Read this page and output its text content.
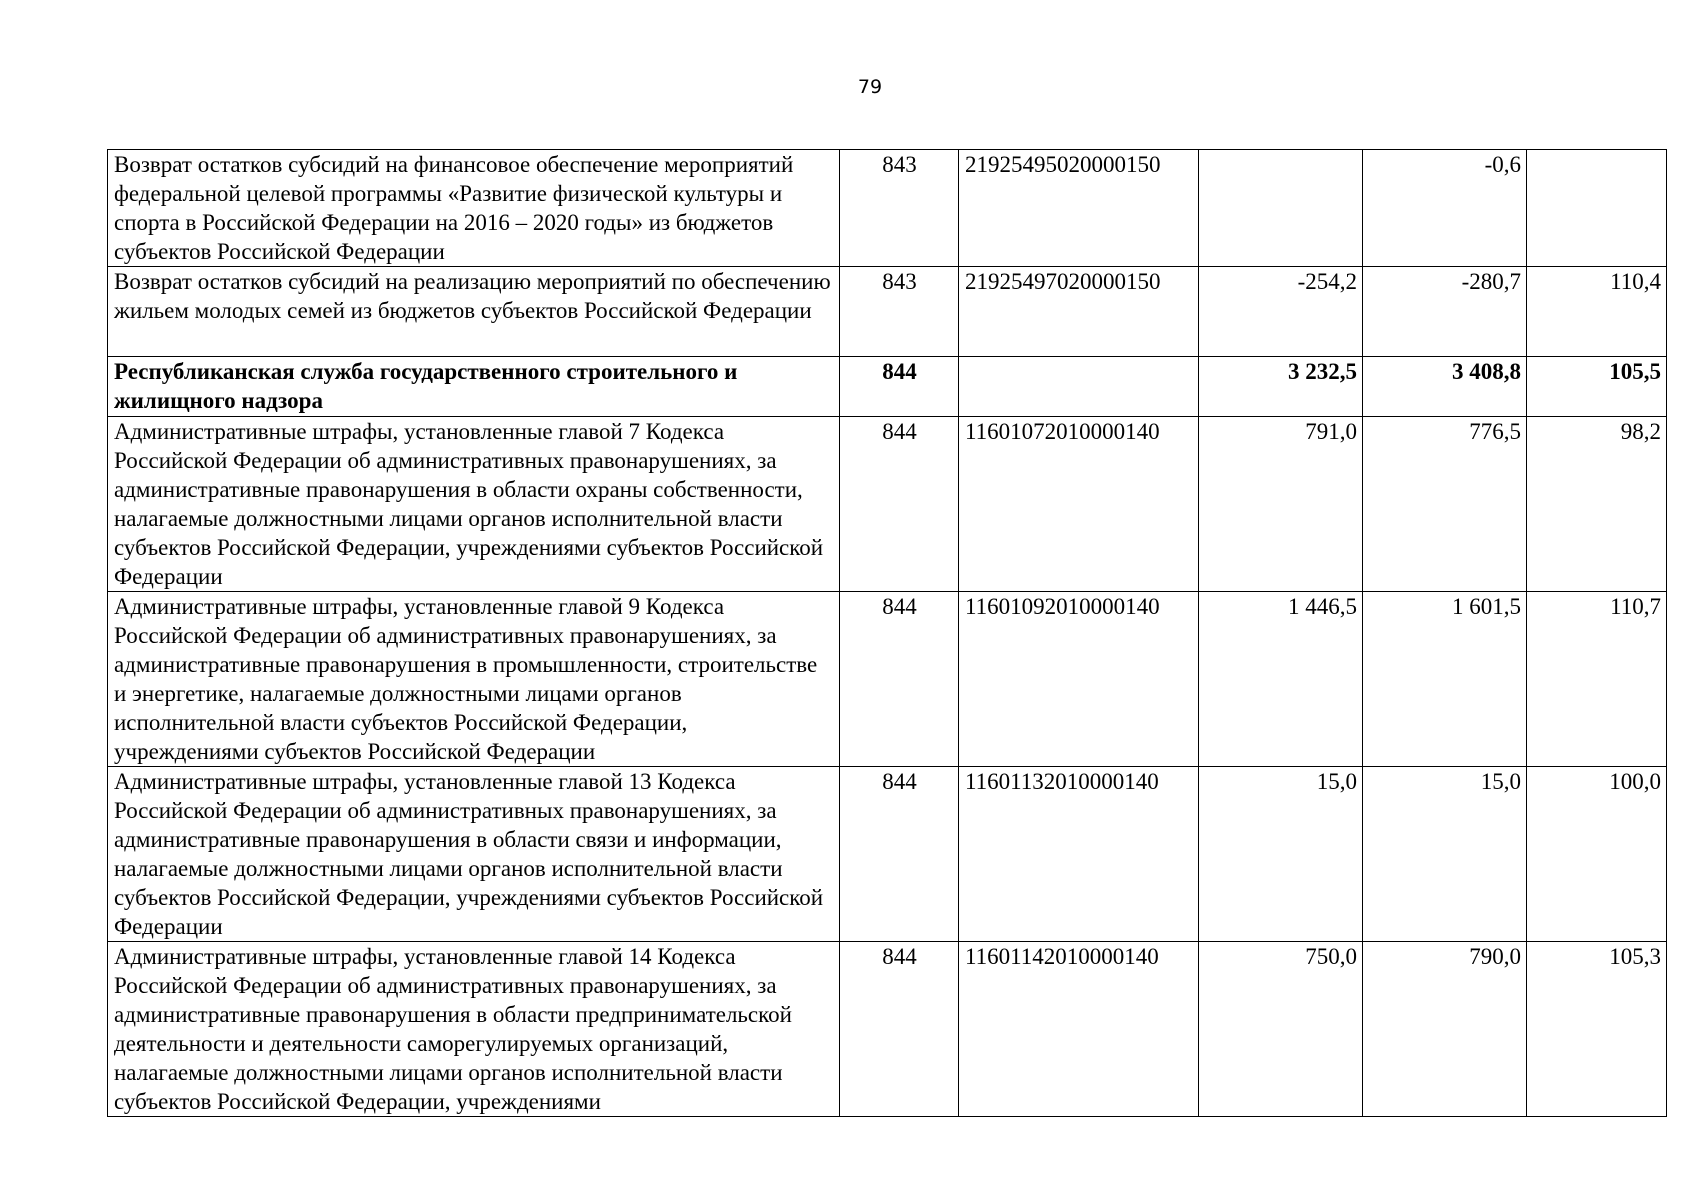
79
Возврат остатков субсидий на финансовое обеспечение мероприятий федеральной целевой программы «Развитие физической культуры и спорта в Российской Федерации на 2016 – 2020 годы» из бюджетов субъектов Российской Федерации	843	21925495020000150		-0,6	
Возврат остатков субсидий на реализацию мероприятий по обеспечению жильем молодых семей из бюджетов субъектов Российской Федерации	843	21925497020000150	-254,2	-280,7	110,4
Республиканская служба государственного строительного и жилищного надзора	844		3 232,5	3 408,8	105,5
Административные штрафы, установленные главой 7 Кодекса Российской Федерации об административных правонарушениях, за административные правонарушения в области охраны собственности, налагаемые должностными лицами органов исполнительной власти субъектов Российской Федерации, учреждениями субъектов Российской Федерации	844	11601072010000140	791,0	776,5	98,2
Административные штрафы, установленные главой 9 Кодекса Российской Федерации об административных правонарушениях, за административные правонарушения в промышленности, строительстве и энергетике, налагаемые должностными лицами органов исполнительной власти субъектов Российской Федерации, учреждениями субъектов Российской Федерации	844	11601092010000140	1 446,5	1 601,5	110,7
Административные штрафы, установленные главой 13 Кодекса Российской Федерации об административных правонарушениях, за административные правонарушения в области связи и информации, налагаемые должностными лицами органов исполнительной власти субъектов Российской Федерации, учреждениями субъектов Российской Федерации	844	11601132010000140	15,0	15,0	100,0
Административные штрафы, установленные главой 14 Кодекса Российской Федерации об административных правонарушениях, за административные правонарушения в области предпринимательской деятельности и деятельности саморегулируемых организаций, налагаемые должностными лицами органов исполнительной власти субъектов Российской Федерации, учреждениями	844	11601142010000140	750,0	790,0	105,3
